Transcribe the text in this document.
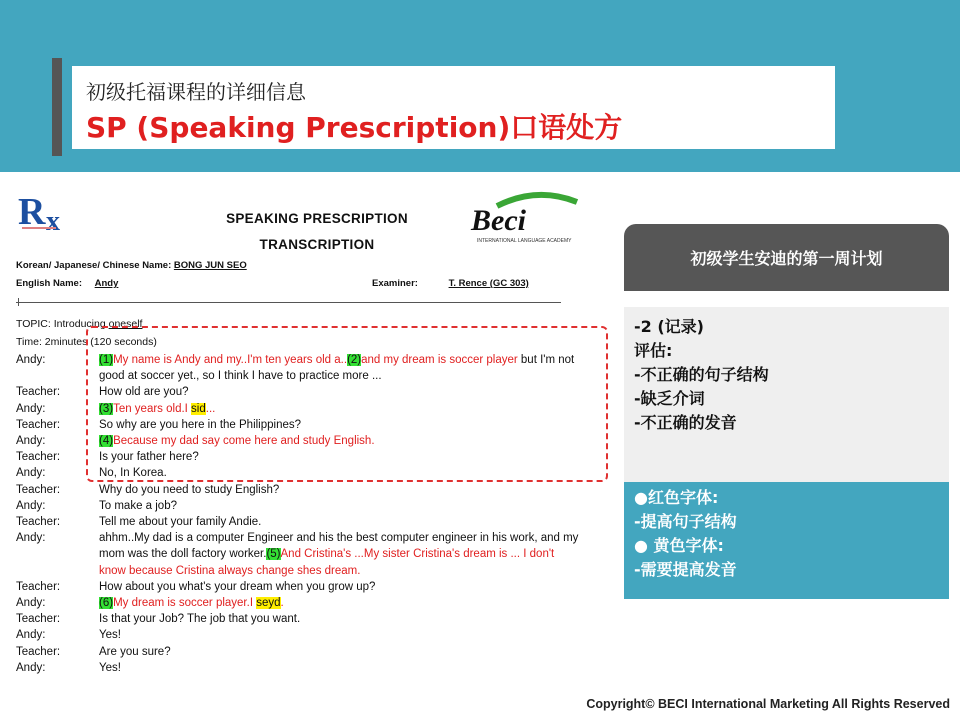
初级托福课程的详细信息
SP (Speaking Prescription)口语处方
R x	SPEAKING PRESCRIPTION
TRANSCRIPTION
Beci
INTERNATIONAL LANGUAGE ACADEMY
Korean/ Japanese/ Chinese Name: BONG JUN SEO
English Name: Andy	Examiner:	T. Rence (GC 303)
TOPIC: Introducing oneself
Time: 2minutes (120 seconds)
Andy:	(1)My name is Andy and my..I'm ten years old a..(2)and my dream is soccer player but I'm not
good at soccer yet., so I think I have to practice more ...
Teacher:	How old are you?
Andy:	(3)Ten years old.I sid...
Teacher:	So why are you here in the Philippines?
Andy:	(4)Because my dad say come here and study English.
Teacher:	Is your father here?
Andy:	No, In Korea.
Teacher:	Why do you need to study English?
Andy:	To make a job?
Teacher:	Tell me about your family Andie.
Andy:	ahhm..My dad is a computer Engineer and his the best computer engineer in his work, and my
mom was the doll factory worker.(5)And Cristina's ...My sister Cristina's dream is ... I don't
know because Cristina always change shes dream.
Teacher:	How about you what's your dream when you grow up?
Andy:	(6)My dream is soccer player.I seyd.
Teacher:	Is that your Job? The job that you want.
Andy:	Yes!
Teacher:	Are you sure?
Andy:	Yes!
初级学生安迪的第一周计划
-2 (记录)
评估:
-不正确的句子结构
-缺乏介词
-不正确的发音
●红色字体:
-提高句子结构
● 黄色字体:
-需要提高发音
Copyright© BECI International Marketing All Rights Reserved
